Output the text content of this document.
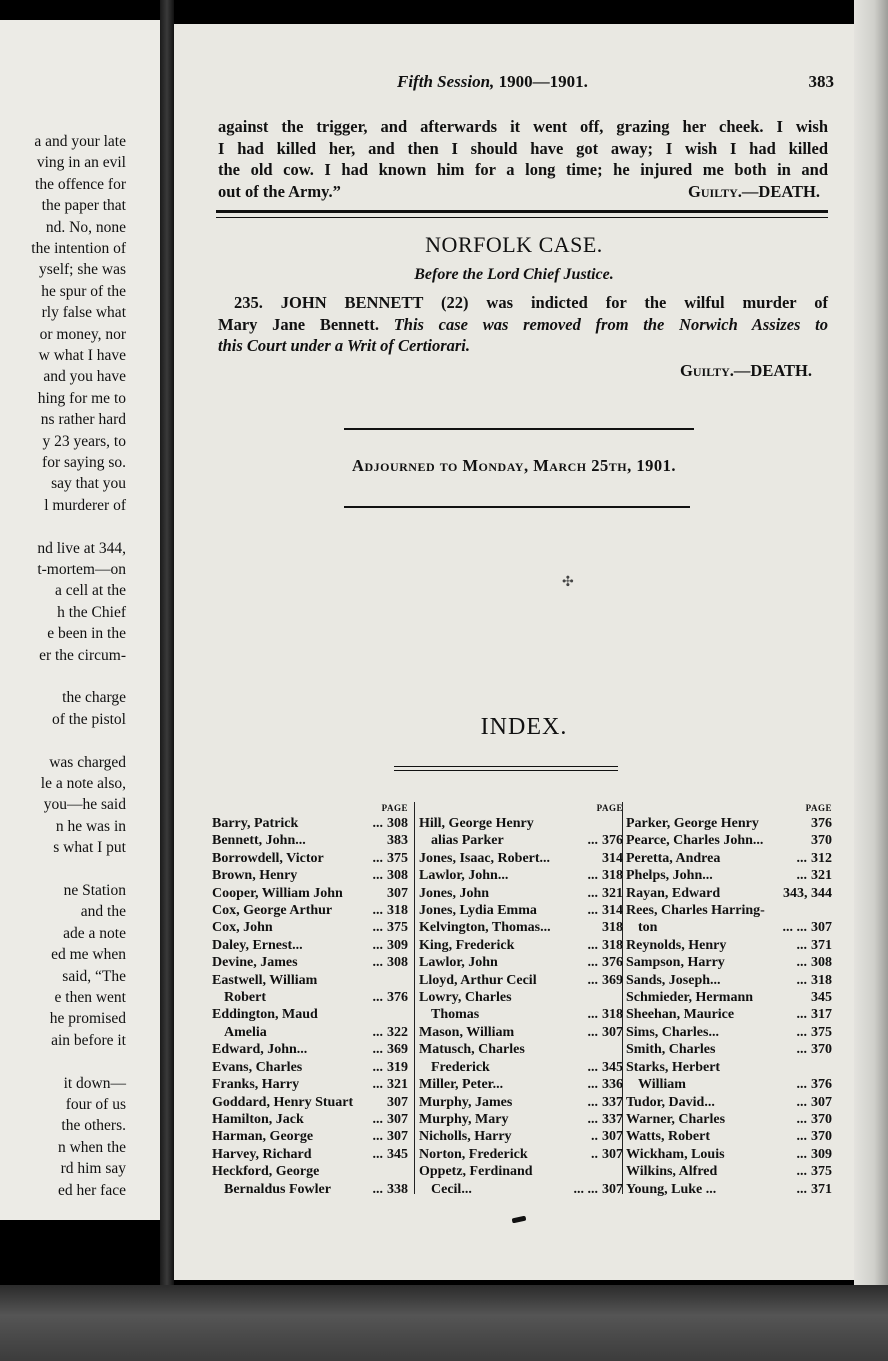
a and your late
ving in an evil
the offence for
the paper that
nd. No, none
the intention of
yself; she was
he spur of the
rly false what
or money, nor
w what I have
and you have
hing for me to
ns rather hard
y 23 years, to
for saying so.
say that you
l murderer of
nd live at 344,
t-mortem—on
a cell at the
h the Chief
e been in the
er the circum-
the charge
of the pistol
was charged
le a note also,
you—he said
n he was in
s what I put
ne Station
and the
ade a note
ed me when
said, “The
e then went
he promised
ain before it
it down—
four of us
the others.
n when the
rd him say
ed her face
Fifth Session, 1900—1901.	383
against the trigger, and afterwards it went off, grazing her cheek. I wish
I had killed her, and then I should have got away; I wish I had killed
the old cow. I had known him for a long time; he injured me both in and
out of the Army.”	Guilty.—DEATH.
NORFOLK CASE.
Before the Lord Chief Justice.
235. JOHN BENNETT (22) was indicted for the wilful murder of
Mary Jane Bennett. This case was removed from the Norwich Assizes to
this Court under a Writ of Certiorari.
Guilty.—DEATH.
Adjourned to Monday, March 25th, 1901.
✣
INDEX.
PAGE
Barry, Patrick	... 308
Bennett, John...	383
Borrowdell, Victor	... 375
Brown, Henry	... 308
Cooper, William John	307
Cox, George Arthur	... 318
Cox, John	... 375
Daley, Ernest...	... 309
Devine, James	... 308
Eastwell, William
Robert	... 376
Eddington, Maud
Amelia	... 322
Edward, John...	... 369
Evans, Charles	... 319
Franks, Harry	... 321
Goddard, Henry Stuart 307
Hamilton, Jack	... 307
Harman, George	... 307
Harvey, Richard	... 345
Heckford, George
Bernaldus Fowler	... 338
PAGE
Hill, George Henry
alias Parker	... 376
Jones, Isaac, Robert...	314
Lawlor, John...	... 318
Jones, John	... 321
Jones, Lydia Emma	... 314
Kelvington, Thomas...	318
King, Frederick	... 318
Lawlor, John	... 376
Lloyd, Arthur Cecil	... 369
Lowry, Charles
Thomas	... 318
Mason, William	... 307
Matusch, Charles
Frederick	... 345
Miller, Peter...	... 336
Murphy, James	... 337
Murphy, Mary	... 337
Nicholls, Harry	.. 307
Norton, Frederick	.. 307
Oppetz, Ferdinand
Cecil...	... ... 307
PAGE
Parker, George Henry	376
Pearce, Charles John...	370
Peretta, Andrea	... 312
Phelps, John...	... 321
Rayan, Edward	343, 344
Rees, Charles Harring-
ton	... ... 307
Reynolds, Henry	... 371
Sampson, Harry	... 308
Sands, Joseph...	... 318
Schmieder, Hermann	345
Sheehan, Maurice	... 317
Sims, Charles...	... 375
Smith, Charles	... 370
Starks, Herbert
William	... 376
Tudor, David...	... 307
Warner, Charles	... 370
Watts, Robert	... 370
Wickham, Louis	... 309
Wilkins, Alfred	... 375
Young, Luke ...	... 371
